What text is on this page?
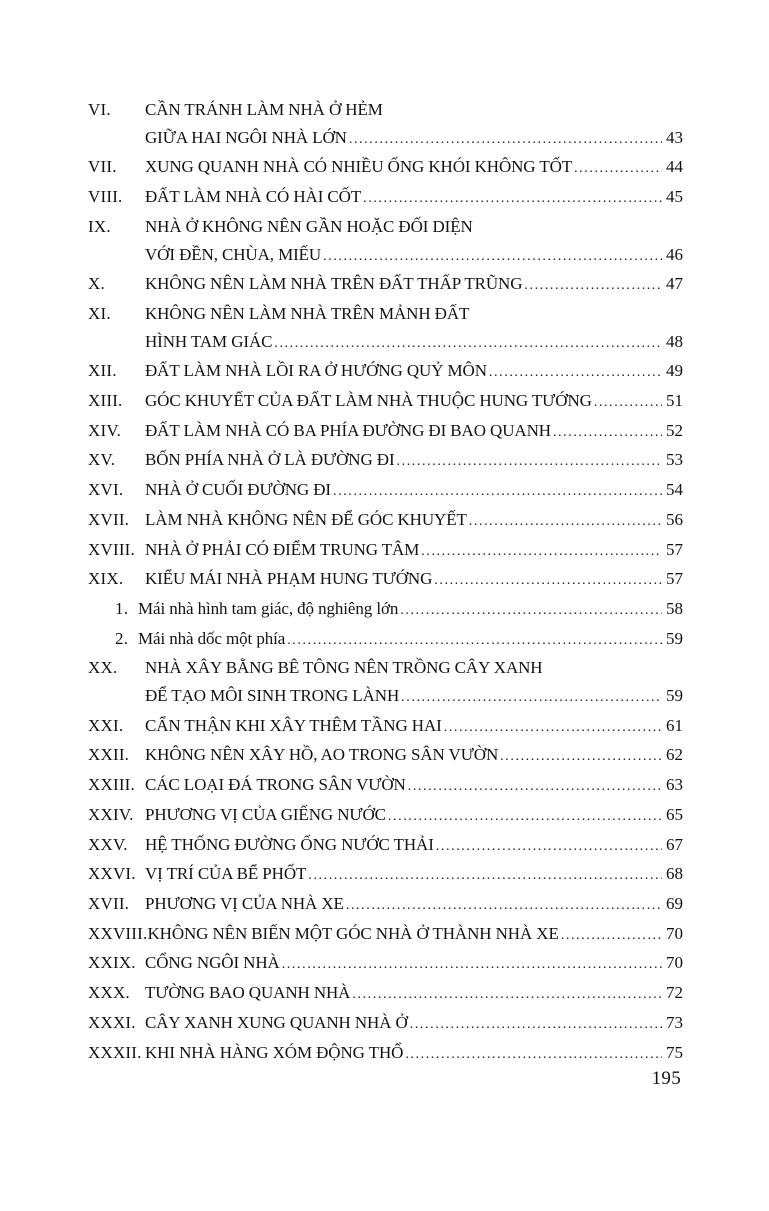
VI.	CẦN TRÁNH LÀM NHÀ Ở HẺM
GIỮA HAI NGÔI NHÀ LỚN .....	43
VII.	XUNG QUANH NHÀ CÓ NHIỀU ỐNG KHÓI KHÔNG TỐT .....	44
VIII.	ĐẤT LÀM NHÀ CÓ HÀI CỐT .....	45
IX.	NHÀ Ở KHÔNG NÊN GẦN HOẶC ĐỐI DIỆN
VỚI ĐỀN, CHÙA, MIẾU .....	46
X.	KHÔNG NÊN LÀM NHÀ TRÊN ĐẤT THẤP TRŨNG .....	47
XI.	KHÔNG NÊN LÀM NHÀ TRÊN MẢNH ĐẤT
HÌNH TAM GIÁC .....	48
XII.	ĐẤT LÀM NHÀ LỒI RA Ở HƯỚNG QUỶ MÔN .....	49
XIII.	GÓC KHUYẾT CỦA ĐẤT LÀM NHÀ THUỘC HUNG TƯỚNG .....	51
XIV.	ĐẤT LÀM NHÀ CÓ BA PHÍA ĐƯỜNG ĐI BAO QUANH .....	52
XV.	BỐN PHÍA NHÀ Ở LÀ ĐƯỜNG ĐI .....	53
XVI.	NHÀ Ở CUỐI ĐƯỜNG ĐI .....	54
XVII. LÀM NHÀ KHÔNG NÊN ĐỂ GÓC KHUYẾT .....	56
XVIII. NHÀ Ở PHẢI CÓ ĐIỂM TRUNG TÂM .....	57
XIX.	KIỂU MÁI NHÀ PHẠM HUNG TƯỚNG .....	57
1. Mái nhà hình tam giác, độ nghiêng lớn .....	58
2. Mái nhà dốc một phía .....	59
XX.	NHÀ XÂY BẰNG BÊ TÔNG NÊN TRỒNG CÂY XANH
ĐỂ TẠO MÔI SINH TRONG LÀNH .....	59
XXI.	CẨN THẬN KHI XÂY THÊM TẦNG HAI .....	61
XXII. KHÔNG NÊN XÂY HỒ, AO TRONG SÂN VƯỜN .....	62
XXIII. CÁC LOẠI ĐÁ TRONG SÂN VƯỜN .....	63
XXIV. PHƯƠNG VỊ CỦA GIẾNG NƯỚC .....	65
XXV.	HỆ THỐNG ĐƯỜNG ỐNG NƯỚC THẢI .....	67
XXVI. VỊ TRÍ CỦA BỂ PHỐT .....	68
XVII. PHƯƠNG VỊ CỦA NHÀ XE .....	69
XXVIII. KHÔNG NÊN BIẾN MỘT GÓC NHÀ Ở THÀNH NHÀ XE .....	70
XXIX. CỔNG NGÔI NHÀ .....	70
XXX. TƯỜNG BAO QUANH NHÀ .....	72
XXXI. CÂY XANH XUNG QUANH NHÀ Ở .....	73
XXXII. KHI NHÀ HÀNG XÓM ĐỘNG THỔ .....	75
195
